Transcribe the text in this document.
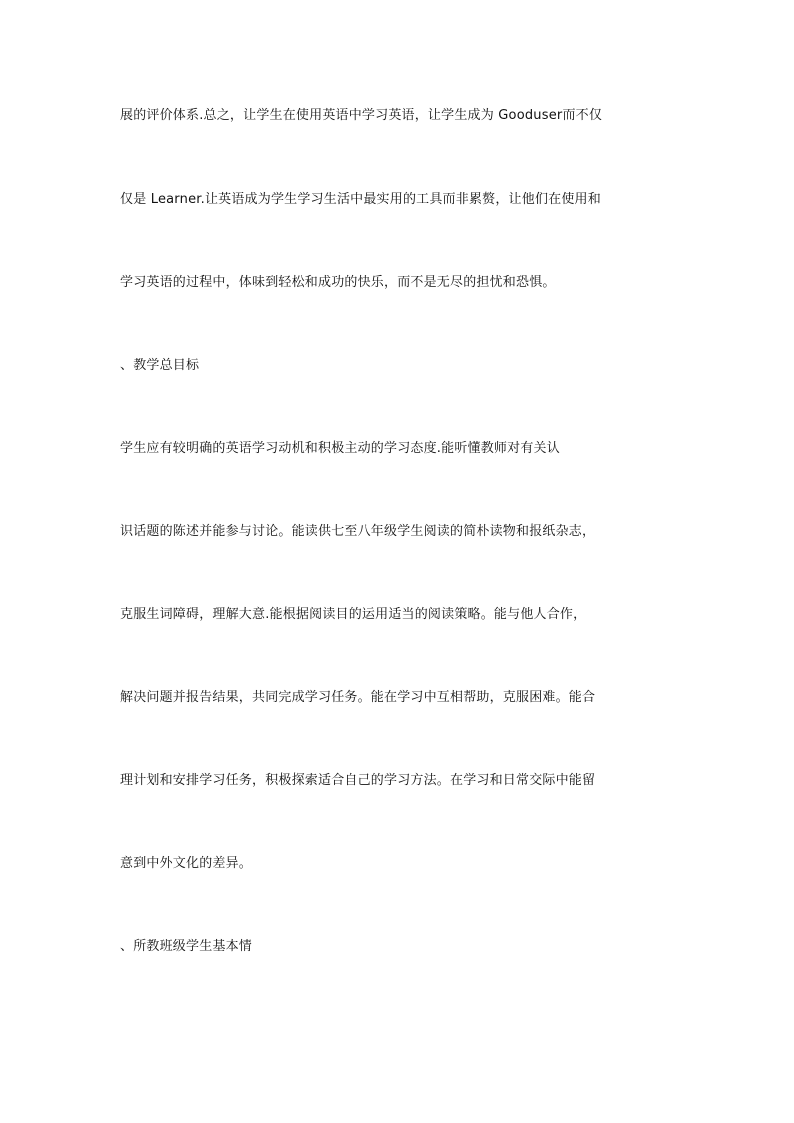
展的评价体系.总之，让学生在使用英语中学习英语，让学生成为 Gooduser而不仅
仅是 Learner.让英语成为学生学习生活中最实用的工具而非累赘，让他们在使用和
学习英语的过程中，体味到轻松和成功的快乐，而不是无尽的担忧和恐惧。
、教学总目标
学生应有较明确的英语学习动机和积极主动的学习态度.能听懂教师对有关认
识话题的陈述并能参与讨论。能读供七至八年级学生阅读的简朴读物和报纸杂志，
克服生词障碍，理解大意.能根据阅读目的运用适当的阅读策略。能与他人合作，
解决问题并报告结果，共同完成学习任务。能在学习中互相帮助，克服困难。能合
理计划和安排学习任务，积极探索适合自己的学习方法。在学习和日常交际中能留
意到中外文化的差异。
、所教班级学生基本情
